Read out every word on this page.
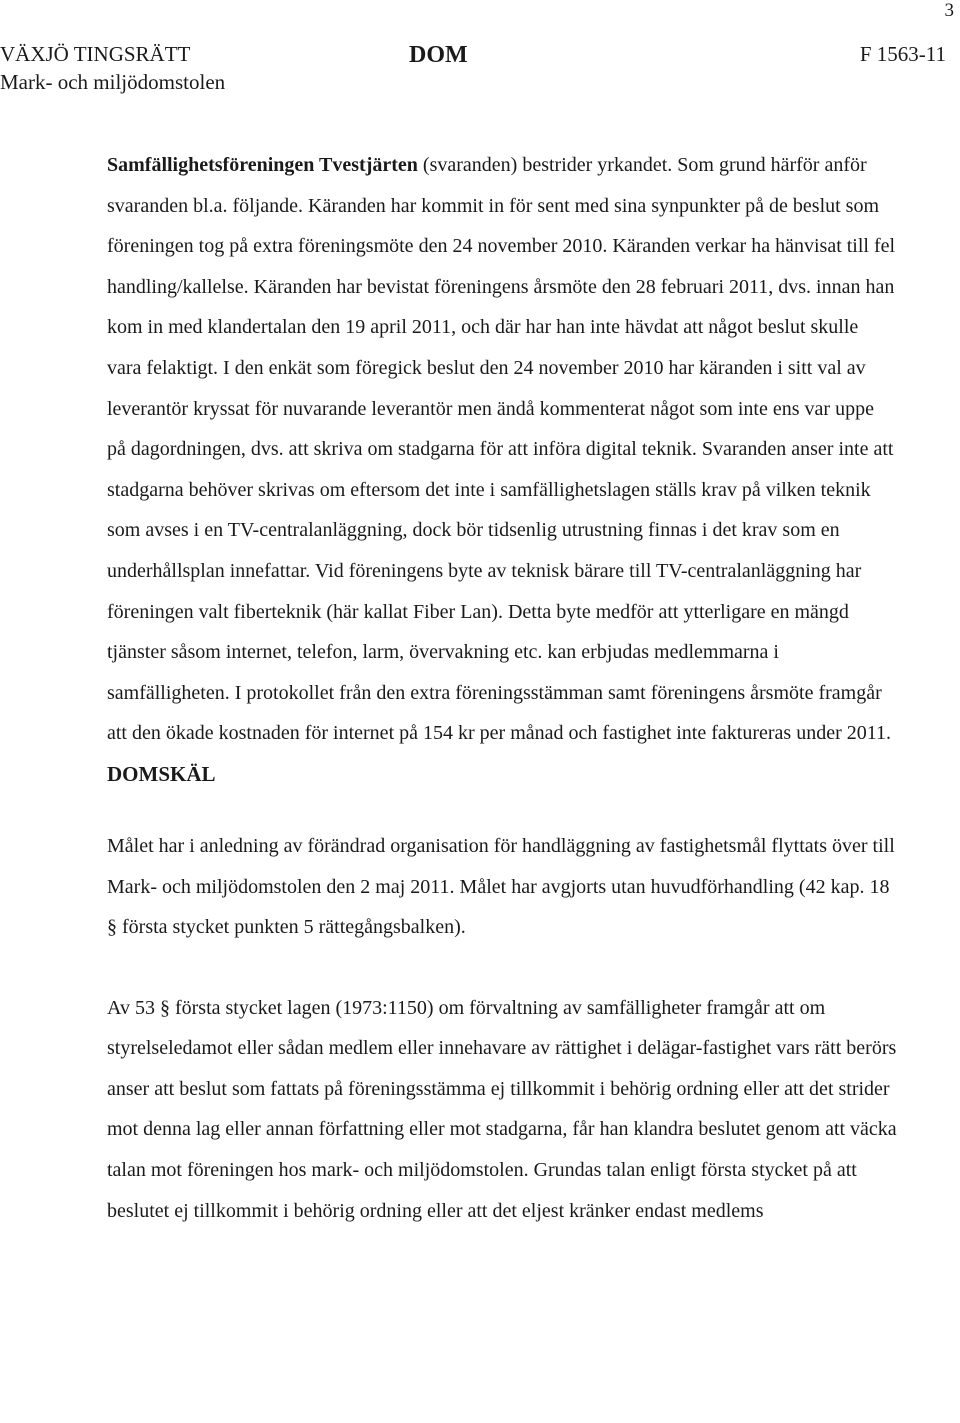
3
VÄXJÖ TINGSRÄTT
Mark- och miljödomstolen
DOM	F 1563-11

Samfällighetsföreningen Tvestjärten (svaranden) bestrider yrkandet. Som grund härför anför svaranden bl.a. följande. Käranden har kommit in för sent med sina synpunkter på de beslut som föreningen tog på extra föreningsmöte den 24 november 2010. Käranden verkar ha hänvisat till fel handling/kallelse. Käranden har bevistat föreningens årsmöte den 28 februari 2011, dvs. innan han kom in med klandertalan den 19 april 2011, och där har han inte hävdat att något beslut skulle vara felaktigt. I den enkät som föregick beslut den 24 november 2010 har käranden i sitt val av leverantör kryssat för nuvarande leverantör men ändå kommenterat något som inte ens var uppe på dagordningen, dvs. att skriva om stadgarna för att införa digital teknik. Svaranden anser inte att stadgarna behöver skrivas om eftersom det inte i samfällighetslagen ställs krav på vilken teknik som avses i en TV-centralanläggning, dock bör tidsenlig utrustning finnas i det krav som en underhållsplan innefattar. Vid föreningens byte av teknisk bärare till TV-centralanläggning har föreningen valt fiberteknik (här kallat Fiber Lan). Detta byte medför att ytterligare en mängd tjänster såsom internet, telefon, larm, övervakning etc. kan erbjudas medlemmarna i samfälligheten. I protokollet från den extra föreningsstämman samt föreningens årsmöte framgår att den ökade kostnaden för internet på 154 kr per månad och fastighet inte faktureras under 2011.

DOMSKÄL

Målet har i anledning av förändrad organisation för handläggning av fastighetsmål flyttats över till Mark- och miljödomstolen den 2 maj 2011. Målet har avgjorts utan huvudförhandling (42 kap. 18 § första stycket punkten 5 rättegångsbalken).

Av 53 § första stycket lagen (1973:1150) om förvaltning av samfälligheter framgår att om styrelseledamot eller sådan medlem eller innehavare av rättighet i delägar-fastighet vars rätt berörs anser att beslut som fattats på föreningsstämma ej tillkommit i behörig ordning eller att det strider mot denna lag eller annan författning eller mot stadgarna, får han klandra beslutet genom att väcka talan mot föreningen hos mark- och miljödomstolen. Grundas talan enligt första stycket på att beslutet ej tillkommit i behörig ordning eller att det eljest kränker endast medlems
